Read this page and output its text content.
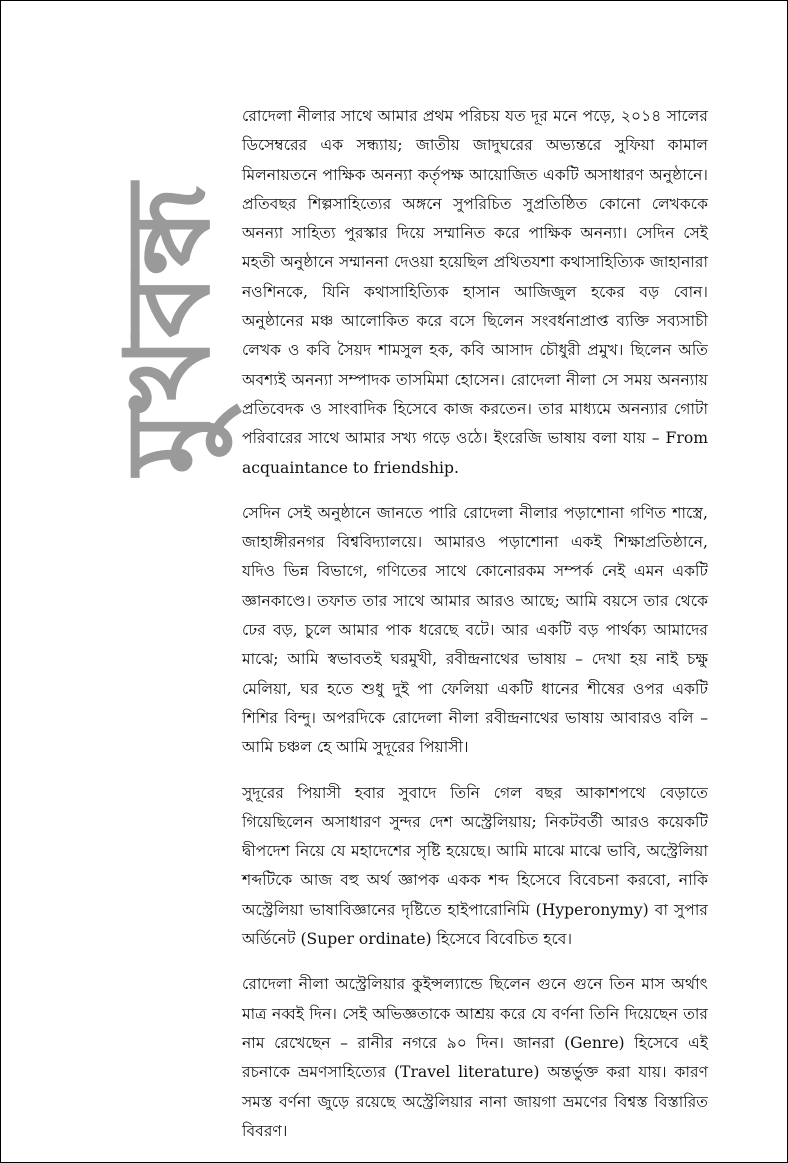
মুখবন্ধ

রোদেলা নীলার সাথে আমার প্রথম পরিচয় যত দূর মনে পড়ে, ২০১৪ সালের ডিসেম্বরের এক সন্ধ্যায়; জাতীয় জাদুঘরের অভ্যন্তরে সুফিয়া কামাল মিলনায়তনে পাক্ষিক অনন্যা কর্তৃপক্ষ আয়োজিত একটি অসাধারণ অনুষ্ঠানে। প্রতিবছর শিল্পসাহিত্যের অঙ্গনে সুপরিচিত সুপ্রতিষ্ঠিত কোনো লেখককে অনন্যা সাহিত্য পুরস্কার দিয়ে সম্মানিত করে পাক্ষিক অনন্যা। সেদিন সেই মহতী অনুষ্ঠানে সম্মাননা দেওয়া হয়েছিল প্রথিতযশা কথাসাহিত্যিক জাহানারা নওশিনকে, যিনি কথাসাহিত্যিক হাসান আজিজুল হকের বড় বোন। অনুষ্ঠানের মঞ্চ আলোকিত করে বসে ছিলেন সংবর্ধনাপ্রাপ্ত ব্যক্তি সব্যসাচী লেখক ও কবি সৈয়দ শামসুল হক, কবি আসাদ চৌধুরী প্রমুখ। ছিলেন অতি অবশ্যই অনন্যা সম্পাদক তাসমিমা হোসেন। রোদেলা নীলা সে সময় অনন্যায় প্রতিবেদক ও সাংবাদিক হিসেবে কাজ করতেন। তার মাধ্যমে অনন্যার গোটা পরিবারের সাথে আমার সখ্য গড়ে ওঠে। ইংরেজি ভাষায় বলা যায় – From acquaintance to friendship.

সেদিন সেই অনুষ্ঠানে জানতে পারি রোদেলা নীলার পড়াশোনা গণিত শাস্ত্রে, জাহাঙ্গীরনগর বিশ্ববিদ্যালয়ে। আমারও পড়াশোনা একই শিক্ষাপ্রতিষ্ঠানে, যদিও ভিন্ন বিভাগে, গণিতের সাথে কোনোরকম সম্পর্ক নেই এমন একটি জ্ঞানকাণ্ডে। তফাত তার সাথে আমার আরও আছে; আমি বয়সে তার থেকে ঢের বড়, চুলে আমার পাক ধরেছে বটে। আর একটি বড় পার্থক্য আমাদের মাঝে; আমি স্বভাবতই ঘরমুখী, রবীন্দ্রনাথের ভাষায় – দেখা হয় নাই চক্ষু মেলিয়া, ঘর হতে শুধু দুই পা ফেলিয়া একটি ধানের শীষের ওপর একটি শিশির বিন্দু। অপরদিকে রোদেলা নীলা রবীন্দ্রনাথের ভাষায় আবারও বলি – আমি চঞ্চল হে আমি সুদূরের পিয়াসী।

সুদূরের পিয়াসী হবার সুবাদে তিনি গেল বছর আকাশপথে বেড়াতে গিয়েছিলেন অসাধারণ সুন্দর দেশ অস্ট্রেলিয়ায়; নিকটবর্তী আরও কয়েকটি দ্বীপদেশ নিয়ে যে মহাদেশের সৃষ্টি হয়েছে। আমি মাঝে মাঝে ভাবি, অস্ট্রেলিয়া শব্দটিকে আজ বহু অর্থ জ্ঞাপক একক শব্দ হিসেবে বিবেচনা করবো, নাকি অস্ট্রেলিয়া ভাষাবিজ্ঞানের দৃষ্টিতে হাইপারোনিমি (Hyperonymy) বা সুপার অর্ডিনেট (Super ordinate) হিসেবে বিবেচিত হবে।

রোদেলা নীলা অস্ট্রেলিয়ার কুইন্সল্যান্ডে ছিলেন গুনে গুনে তিন মাস অর্থাৎ মাত্র নব্বই দিন। সেই অভিজ্ঞতাকে আশ্রয় করে যে বর্ণনা তিনি দিয়েছেন তার নাম রেখেছেন – রানীর নগরে ৯০ দিন। জানরা (Genre) হিসেবে এই রচনাকে ভ্রমণসাহিত্যের (Travel literature) অন্তর্ভুক্ত করা যায়। কারণ সমস্ত বর্ণনা জুড়ে রয়েছে অস্ট্রেলিয়ার নানা জায়গা ভ্রমণের বিশ্বস্ত বিস্তারিত বিবরণ।
